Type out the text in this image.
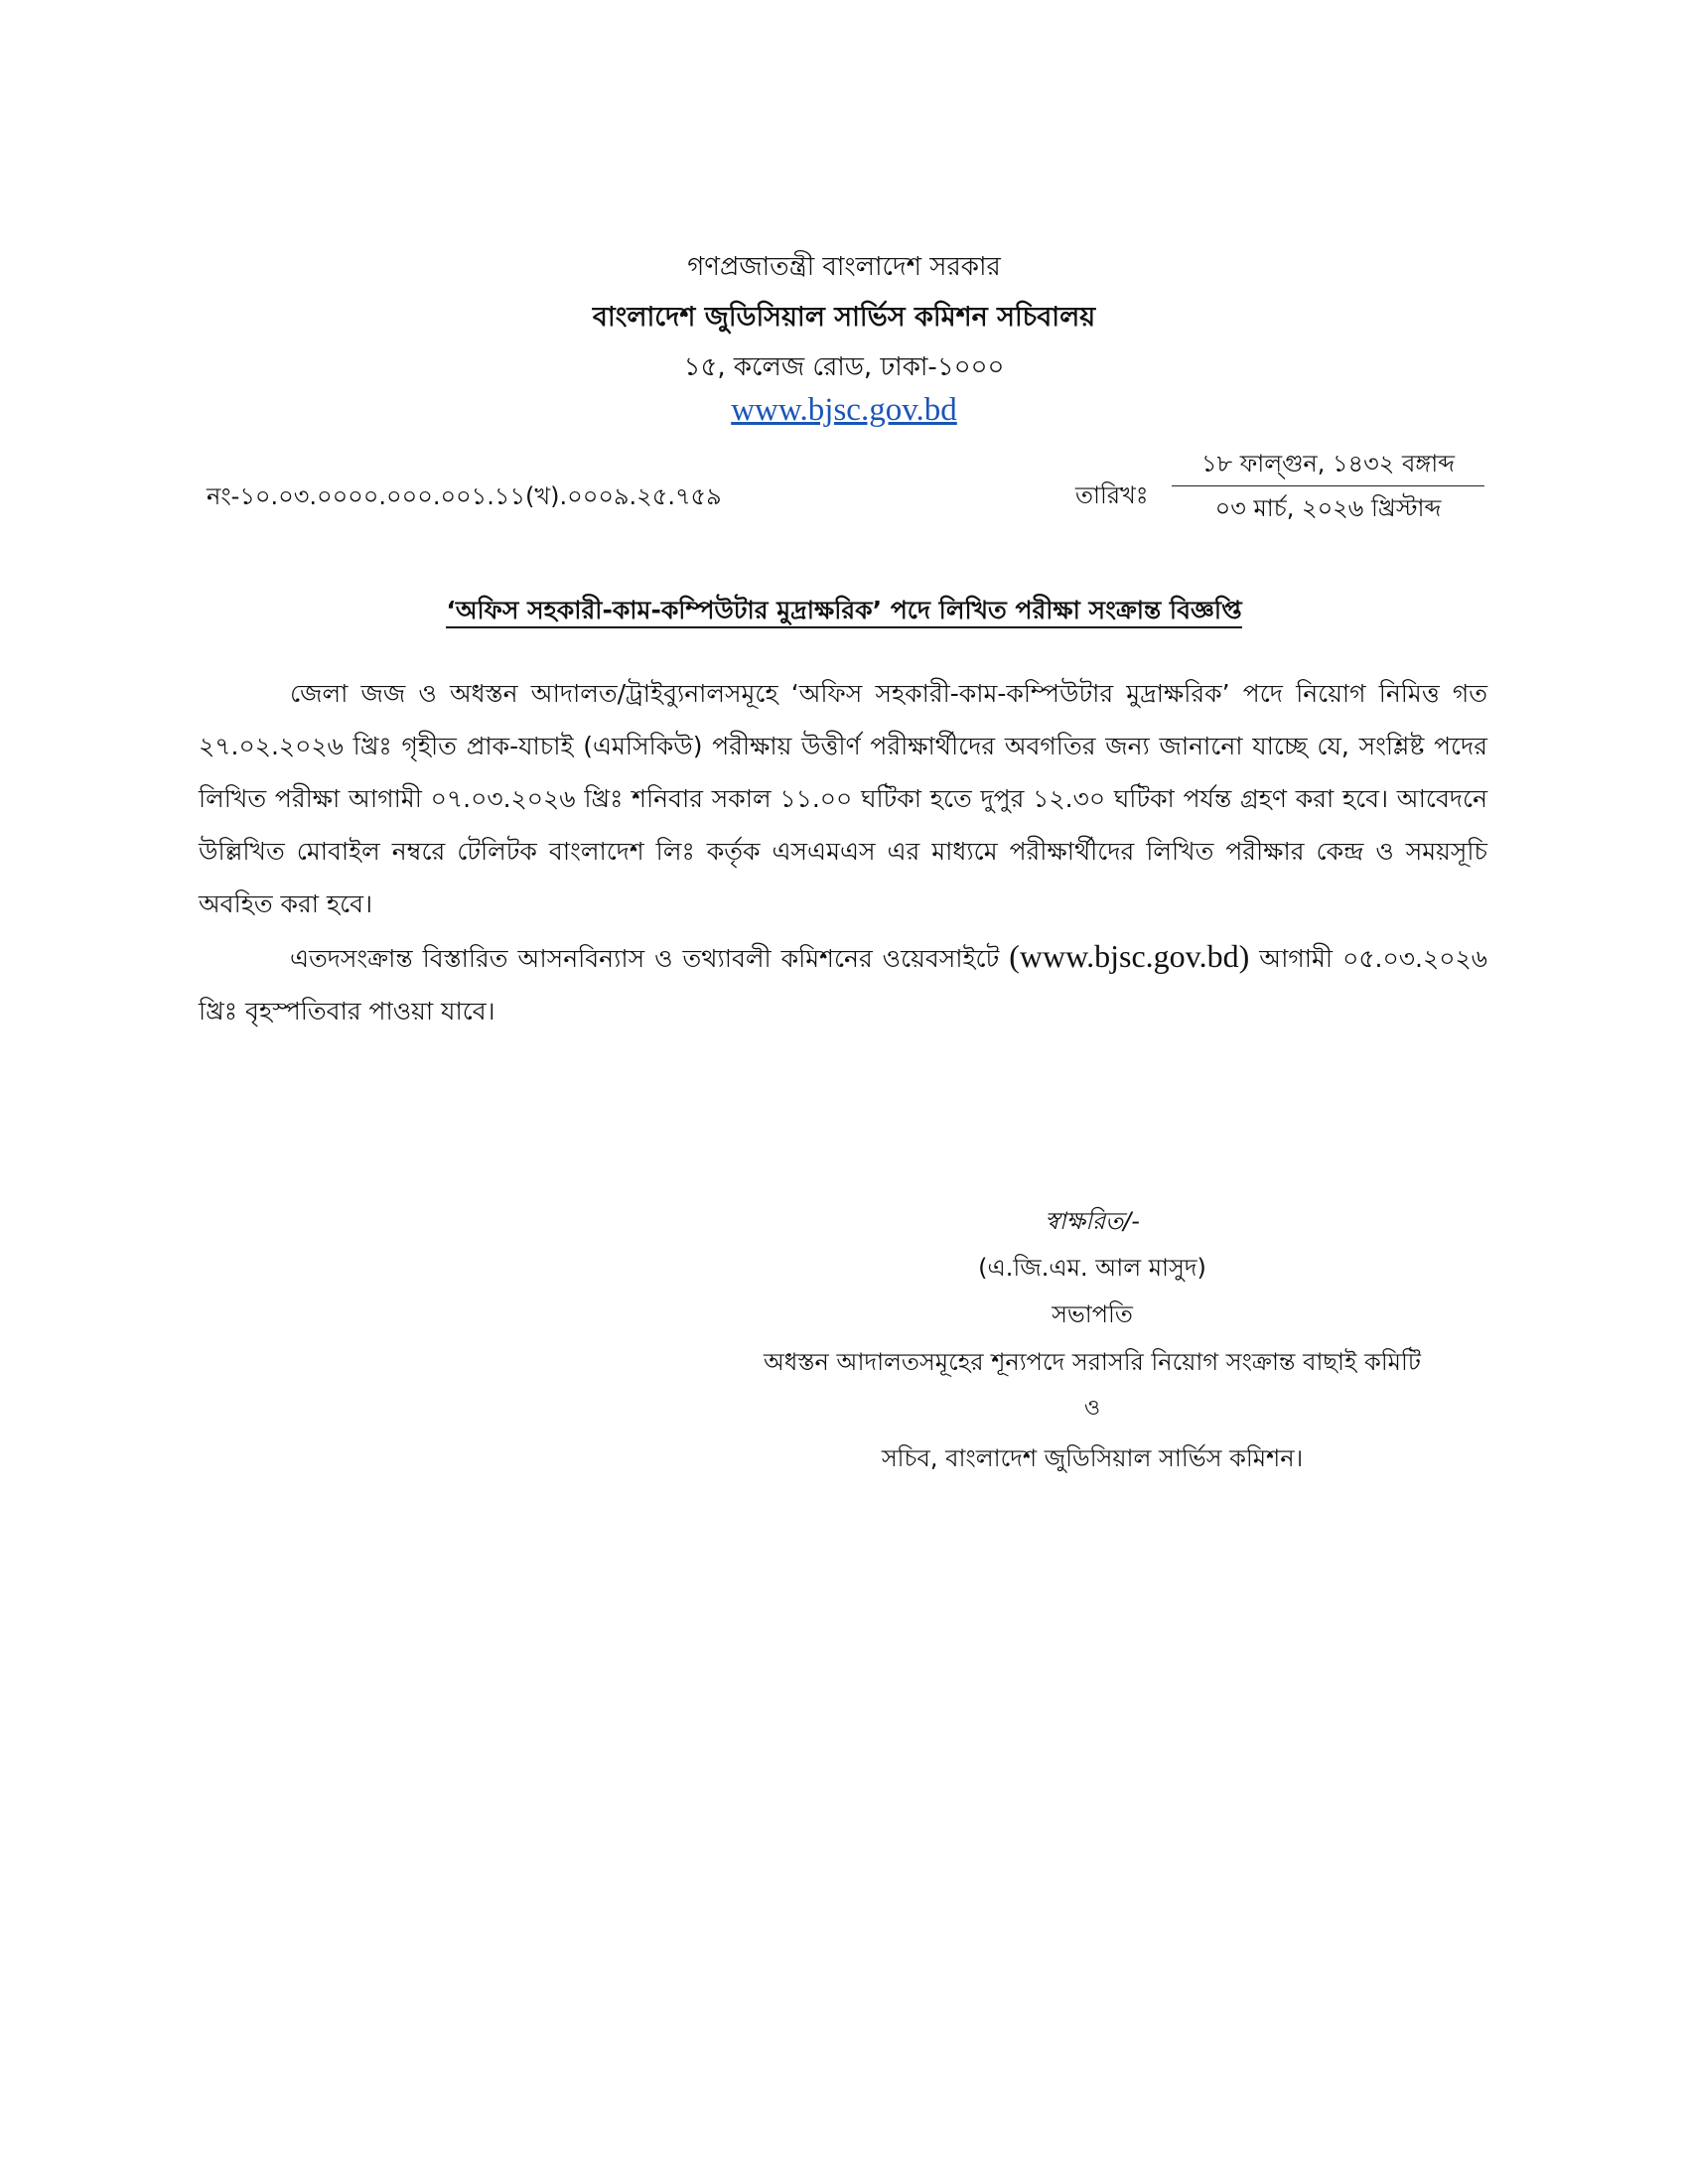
গণপ্রজাতন্ত্রী বাংলাদেশ সরকার
বাংলাদেশ জুডিসিয়াল সার্ভিস কমিশন সচিবালয়
১৫, কলেজ রোড, ঢাকা-১০০০
www.bjsc.gov.bd
নং-১০.০৩.০০০০.০০০.০০১.১১(খ).০০০৯.২৫.৭৫৯	তারিখঃ
১৮ ফাল্গুন, ১৪৩২ বঙ্গাব্দ
০৩ মার্চ, ২০২৬ খ্রিস্টাব্দ
‘অফিস সহকারী-কাম-কম্পিউটার মুদ্রাক্ষরিক’ পদে লিখিত পরীক্ষা সংক্রান্ত বিজ্ঞপ্তি

জেলা জজ ও অধস্তন আদালত/ট্রাইব্যুনালসমূহে ‘অফিস সহকারী-কাম-কম্পিউটার মুদ্রাক্ষরিক’ পদে নিয়োগ নিমিত্ত গত ২৭.০২.২০২৬ খ্রিঃ গৃহীত প্রাক-যাচাই (এমসিকিউ) পরীক্ষায় উত্তীর্ণ পরীক্ষার্থীদের অবগতির জন্য জানানো যাচ্ছে যে, সংশ্লিষ্ট পদের লিখিত পরীক্ষা আগামী ০৭.০৩.২০২৬ খ্রিঃ শনিবার সকাল ১১.০০ ঘটিকা হতে দুপুর ১২.৩০ ঘটিকা পর্যন্ত গ্রহণ করা হবে। আবেদনে উল্লিখিত মোবাইল নম্বরে টেলিটক বাংলাদেশ লিঃ কর্তৃক এসএমএস এর মাধ্যমে পরীক্ষার্থীদের লিখিত পরীক্ষার কেন্দ্র ও সময়সূচি অবহিত করা হবে।

এতদসংক্রান্ত বিস্তারিত আসনবিন্যাস ও তথ্যাবলী কমিশনের ওয়েবসাইটে (www.bjsc.gov.bd) আগামী ০৫.০৩.২০২৬ খ্রিঃ বৃহস্পতিবার পাওয়া যাবে।

স্বাক্ষরিত/-
(এ.জি.এম. আল মাসুদ)
সভাপতি
অধস্তন আদালতসমূহের শূন্যপদে সরাসরি নিয়োগ সংক্রান্ত বাছাই কমিটি
ও
সচিব, বাংলাদেশ জুডিসিয়াল সার্ভিস কমিশন।
